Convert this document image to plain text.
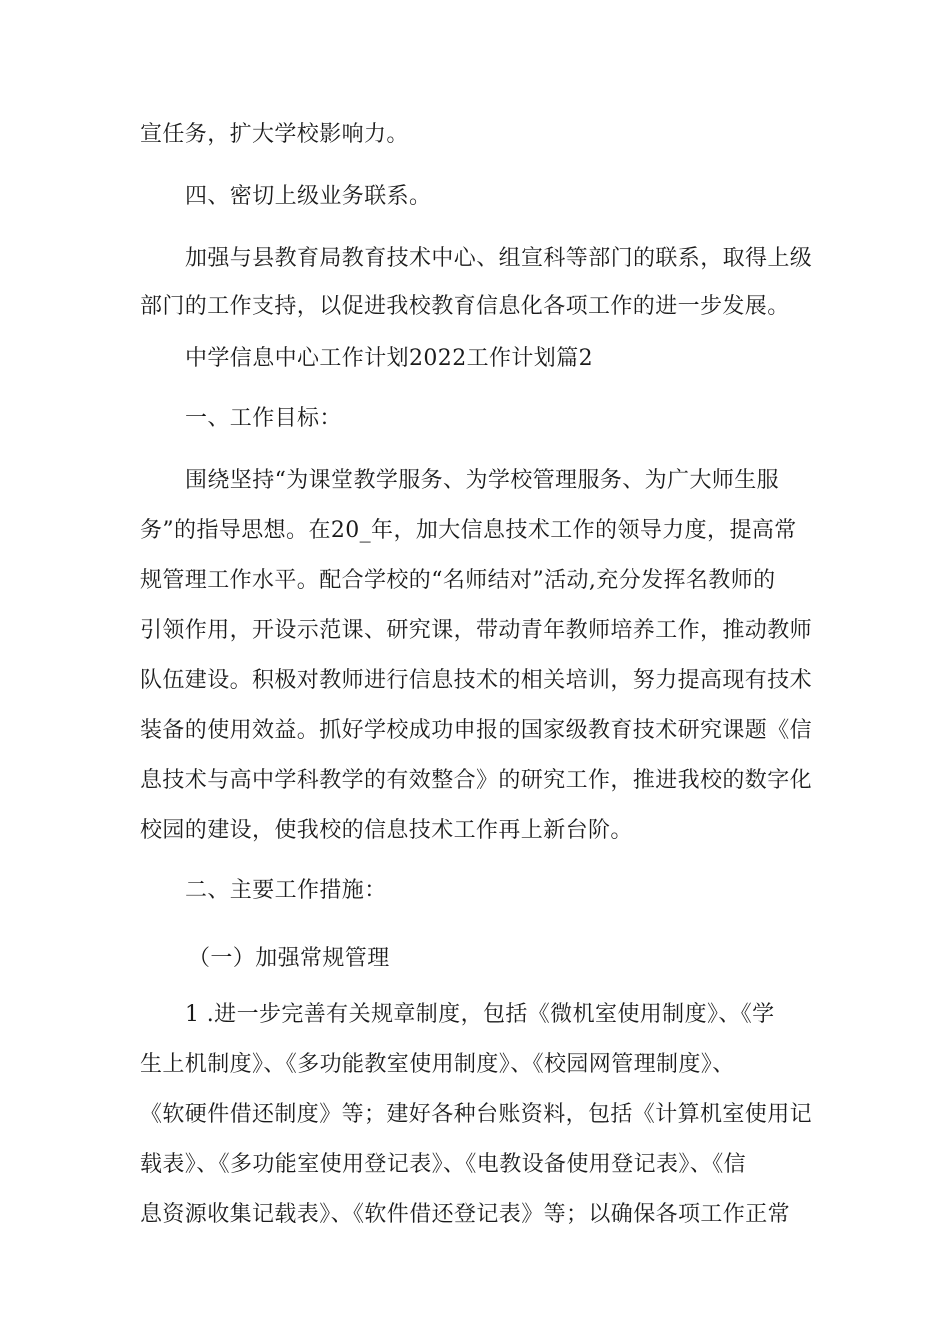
宣任务，扩大学校影响力。
四、密切上级业务联系。
加强与县教育局教育技术中心、组宣科等部门的联系，取得上级
部门的工作支持，以促进我校教育信息化各项工作的进一步发展。
中学信息中心工作计划2022工作计划篇2
一、工作目标：
围绕坚持“为课堂教学服务、为学校管理服务、为广大师生服
务”的指导思想。在20_年，加大信息技术工作的领导力度，提高常
规管理工作水平。配合学校的“名师结对”活动,充分发挥名教师的
引领作用，开设示范课、研究课，带动青年教师培养工作，推动教师
队伍建设。积极对教师进行信息技术的相关培训，努力提高现有技术
装备的使用效益。抓好学校成功申报的国家级教育技术研究课题《信
息技术与高中学科教学的有效整合》的研究工作，推进我校的数字化
校园的建设，使我校的信息技术工作再上新台阶。
二、主要工作措施：
（一）加强常规管理
1 .进一步完善有关规章制度，包括《微机室使用制度》、《学
生上机制度》、《多功能教室使用制度》、《校园网管理制度》、
《软硬件借还制度》等；建好各种台账资料，包括《计算机室使用记
载表》、《多功能室使用登记表》、《电教设备使用登记表》、《信
息资源收集记载表》、《软件借还登记表》等；以确保各项工作正常
